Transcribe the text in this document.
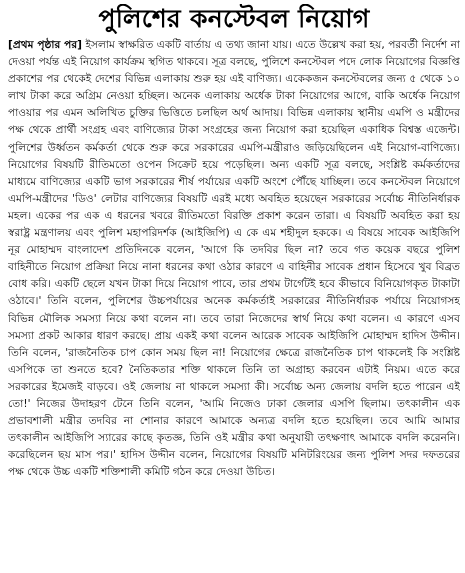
পুলিশের কনস্টেবল নিয়োগ

[প্রথম পৃষ্ঠার পর] ইসলাম স্বাক্ষরিত একটি বার্তায় এ তথ্য জানা যায়। এতে উল্লেখ করা হয়, পরবর্তী নির্দেশ না দেওয়া পর্যন্ত এই নিয়োগ কার্যক্রম স্থগিত থাকবে। সূত্র বলছে, পুলিশে কনস্টেবল পদে লোক নিয়োগের বিজ্ঞপ্তি প্রকাশের পর থেকেই দেশের বিভিন্ন এলাকায় শুরু হয় এই বাণিজ্য। একেকজন কনস্টেবলের জন্য ৫ থেকে ১০ লাখ টাকা করে অগ্রিম নেওয়া হচ্ছিল। অনেক এলাকায় অর্ধেক টাকা নিয়োগের আগে, বাকি অর্ধেক নিয়োগ পাওয়ার পর এমন অলিখিত চুক্তির ভিত্তিতে চলছিল অর্থ আদায়। বিভিন্ন এলাকায় স্থানীয় এমপি ও মন্ত্রীদের পক্ষ থেকে প্রার্থী সংগ্রহ এবং বাণিজ্যের টাকা সংগ্রহের জন্য নিয়োগ করা হয়েছিল একাধিক বিশ্বস্ত এজেন্ট। পুলিশের উর্ধ্বতন কর্মকর্তা থেকে শুরু করে সরকারের এমপি-মন্ত্রীরাও জড়িয়েছিলেন এই নিয়োগ-বাণিজ্যে। নিয়োগের বিষয়টি রীতিমতো ওপেন সিক্রেট হয়ে পড়েছিল। অন্য একটি সূত্র বলছে, সংশ্লিষ্ট কর্মকর্তাদের মাধ্যমে বাণিজ্যের একটি ভাগ সরকারের শীর্ষ পর্যায়ের একটি অংশে পৌঁছে যাচ্ছিল। তবে কনস্টেবল নিয়োগে এমপি-মন্ত্রীদের 'ডিও' লেটার বাণিজ্যের বিষয়টি এরই মধ্যে অবহিত হয়েছেন সরকারের সর্বোচ্চ নীতিনির্ধারক মহল। একের পর এক এ ধরনের খবরে রীতিমতো বিরক্তি প্রকাশ করেন তারা। এ বিষয়টি অবহিত করা হয় স্বরাষ্ট্র মন্ত্রণালয় এবং পুলিশ মহাপরিদর্শক (আইজিপি) এ কে এম শহীদুল হককে। এ বিষয়ে সাবেক আইজিপি নূর মোহাম্মদ বাংলাদেশ প্রতিদিনকে বলেন, 'আগে কি তদবির ছিল না? তবে গত কয়েক বছরে পুলিশ বাহিনীতে নিয়োগ প্রক্রিয়া নিয়ে নানা ধরনের কথা ওঠার কারণে এ বাহিনীর সাবেক প্রধান হিসেবে খুব বিব্রত বোধ করি। একটি ছেলে যখন টাকা দিয়ে নিয়োগ পাবে, তার প্রথম টার্গেটই হবে কীভাবে বিনিয়োগকৃত টাকাটা ওঠাবে।' তিনি বলেন, পুলিশের উচ্চপর্যায়ের অনেক কর্মকর্তাই সরকারের নীতিনির্ধারক পর্যায়ে নিয়োগসহ বিভিন্ন মৌলিক সমস্যা নিয়ে কথা বলেন না। তবে তারা নিজেদের স্বার্থ নিয়ে কথা বলেন। এ কারণে এসব সমস্যা প্রকট আকার ধারণ করছে। প্রায় একই কথা বলেন আরেক সাবেক আইজিপি মোহাম্মদ হাদিস উদ্দীন। তিনি বলেন, 'রাজনৈতিক চাপ কোন সময় ছিল না! নিয়োগের ক্ষেত্রে রাজনৈতিক চাপ থাকলেই কি সংশ্লিষ্ট এসপিকে তা শুনতে হবে? নৈতিকতার শক্তি থাকলে তিনি তা অগ্রাহ্য করবেন এটাই নিয়ম। এতে করে সরকারের ইমেজই বাড়বে। ওই জেলায় না থাকলে সমস্যা কী। সর্বোচ্চ অন্য জেলায় বদলি হতে পারেন এই তো!' নিজের উদাহরণ টেনে তিনি বলেন, 'আমি নিজেও ঢাকা জেলার এসপি ছিলাম। তৎকালীন এক প্রভাবশালী মন্ত্রীর তদবির না শোনার কারণে আমাকে অন্যত্র বদলি হতে হয়েছিল। তবে আমি আমার তৎকালীন আইজিপি স্যারের কাছে কৃতজ্ঞ, তিনি ওই মন্ত্রীর কথা অনুযায়ী তৎক্ষণাৎ আমাকে বদলি করেননি। করেছিলেন ছয় মাস পর।' হাদিস উদ্দীন বলেন, নিয়োগের বিষয়টি মনিটরিংয়ের জন্য পুলিশ সদর দফতরের পক্ষ থেকে উচ্চ একটি শক্তিশালী কমিটি গঠন করে দেওয়া উচিত।
